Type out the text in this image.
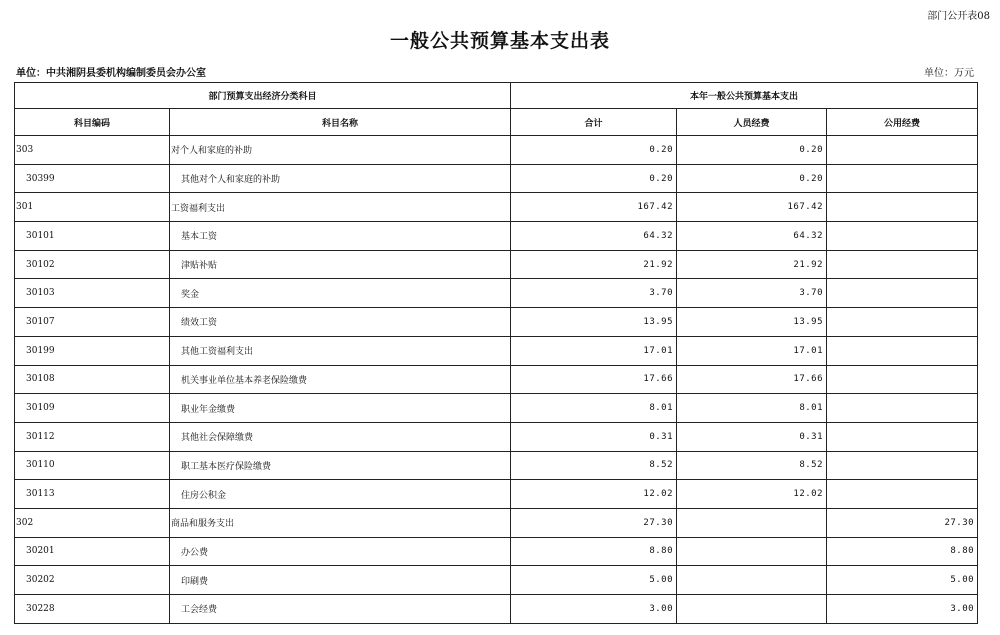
部门公开表08
一般公共预算基本支出表
单位：中共湘阴县委机构编制委员会办公室	单位：万元
部门预算支出经济分类科目		本年一般公共预算基本支出		
科目编码	科目名称	合计	人员经费	公用经费
303	对个人和家庭的补助	0.20	0.20	
30399	其他对个人和家庭的补助	0.20	0.20	
301	工资福利支出	167.42	167.42	
30101	基本工资	64.32	64.32	
30102	津贴补贴	21.92	21.92	
30103	奖金	3.70	3.70	
30107	绩效工资	13.95	13.95	
30199	其他工资福利支出	17.01	17.01	
30108	机关事业单位基本养老保险缴费	17.66	17.66	
30109	职业年金缴费	8.01	8.01	
30112	其他社会保障缴费	0.31	0.31	
30110	职工基本医疗保险缴费	8.52	8.52	
30113	住房公积金	12.02	12.02	
302	商品和服务支出	27.30		27.30
30201	办公费	8.80		8.80
30202	印刷费	5.00		5.00
30228	工会经费	3.00		3.00
